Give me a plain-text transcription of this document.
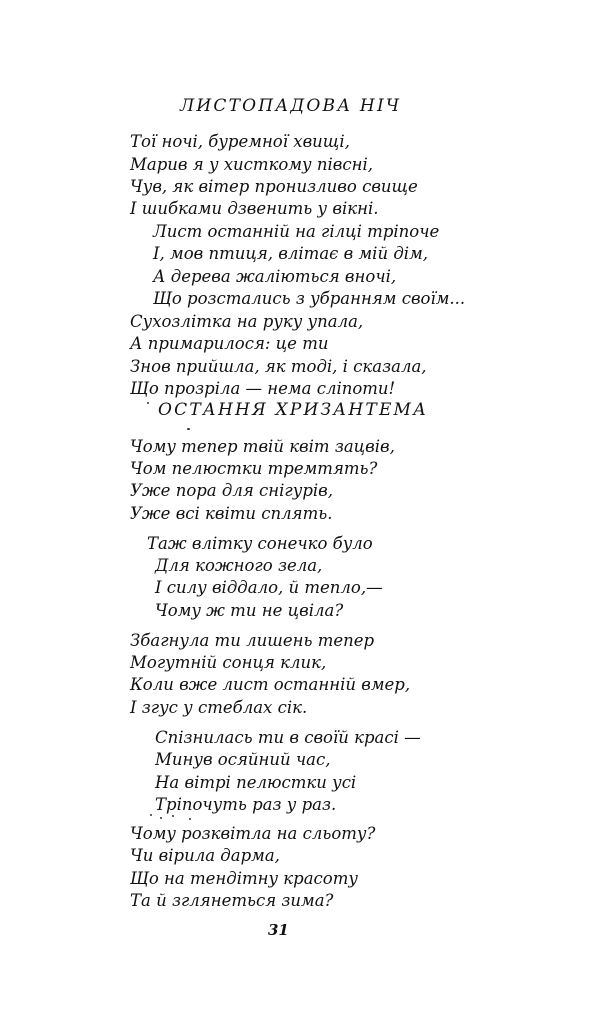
ЛИСТОПАДОВА НІЧ
Тої ночі, буремної хвищі,
Марив я у хисткому півсні,
Чув, як вітер пронизливо свище
І шибками дзвенить у вікні.
Лист останній на гілці тріпоче
І, мов птиця, влітає в мій дім,
А дерева жаліються вночі,
Що розстались з убранням своїм...
Сухозлітка на руку упала,
А примарилося: це ти
Знов прийшла, як тоді, і сказала,
Що прозріла — нема сліпоти!
ОСТАННЯ ХРИЗАНТЕМА
Чому тепер твій квіт зацвів,
Чом пелюстки тремтять?
Уже пора для снігурів,
Уже всі квіти сплять.
Таж влітку сонечко було
Для кожного зела,
І силу віддало, й тепло,—
Чому ж ти не цвіла?
Збагнула ти лишень тепер
Могутній сонця клик,
Коли вже лист останній вмер,
І згус у стеблах сік.
Спізнилась ти в своїй красі —
Минув осяйний час,
На вітрі пелюстки усі
Тріпочуть раз у раз.
Чому розквітла на сльоту?
Чи вірила дарма,
Що на тендітну красоту
Та й зглянеться зима?
31
